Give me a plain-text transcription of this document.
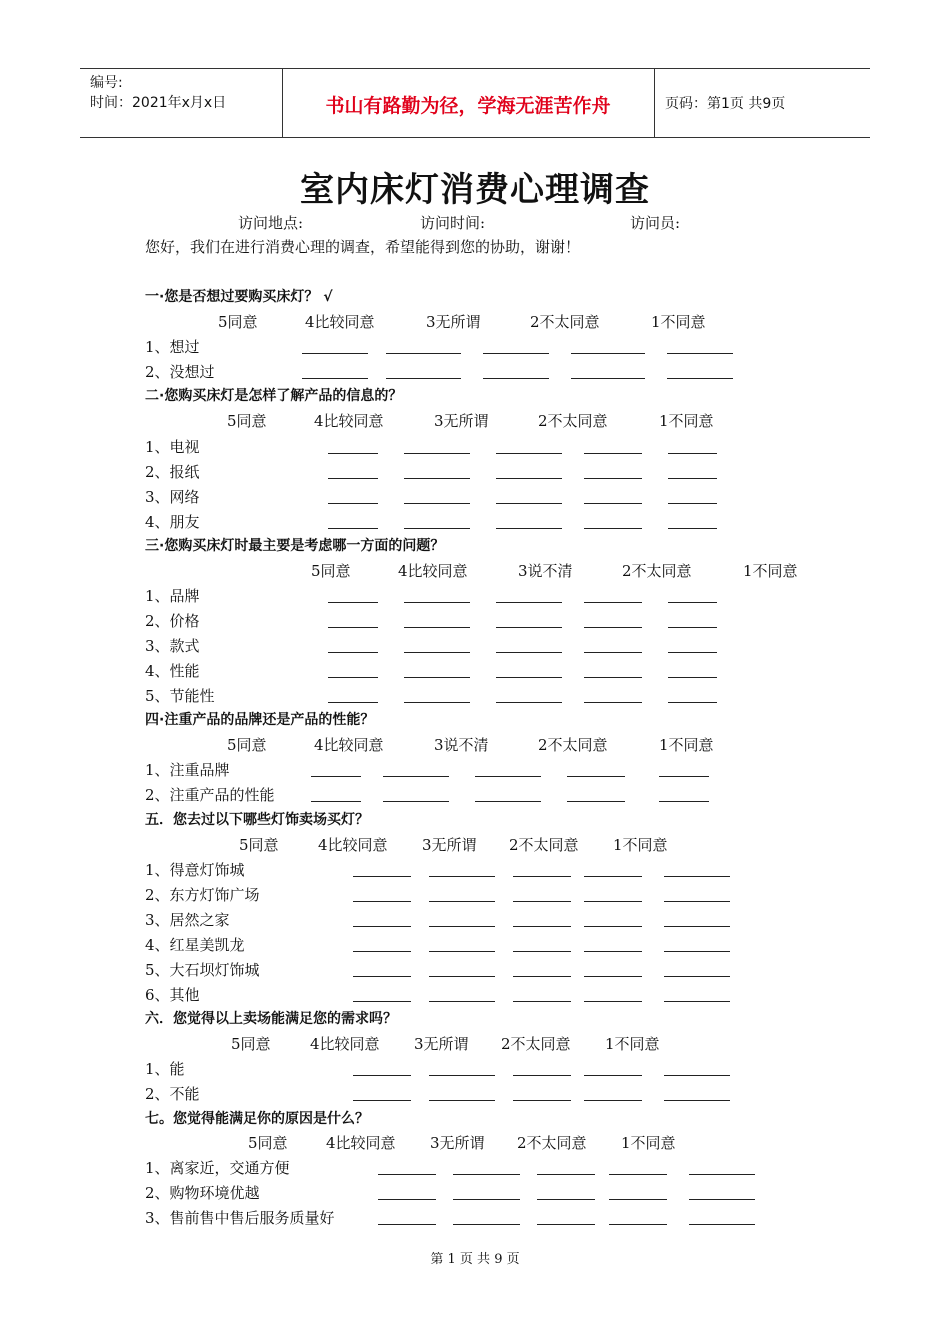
编号:
时间：2021年x月x日	书山有路勤为径，学海无涯苦作舟	页码：第1页 共9页
室内床灯消费心理调查
访问地点:	访问时间:	访问员:
您好，我们在进行消费心理的调查，希望能得到您的协助，谢谢！
一·您是否想过要购买床灯？ √
5同意	4比较同意	3无所谓	2不太同意	1不同意
1、想过
2、没想过
二·您购买床灯是怎样了解产品的信息的？
5同意	4比较同意	3无所谓	2不太同意	1不同意
1、电视
2、报纸
3、网络
4、朋友
三·您购买床灯时最主要是考虑哪一方面的问题？
5同意	4比较同意	3说不清	2不太同意	1不同意
1、品牌
2、价格
3、款式
4、性能
5、节能性
四·注重产品的品牌还是产品的性能？
5同意	4比较同意	3说不清	2不太同意	1不同意
1、注重品牌
2、注重产品的性能
五．您去过以下哪些灯饰卖场买灯？
5同意	4比较同意 3无所谓 2不太同意 1不同意
1、得意灯饰城
2、东方灯饰广场
3、居然之家
4、红星美凯龙
5、大石坝灯饰城
6、其他
六．您觉得以上卖场能满足您的需求吗？
5同意	4比较同意 3无所谓 2不太同意 1不同意
1、能
2、不能
七。您觉得能满足你的原因是什么？
5同意	4比较同意 3无所谓 2不太同意 1不同意
1、离家近，交通方便
2、购物环境优越
3、售前售中售后服务质量好
第 1 页 共 9 页
